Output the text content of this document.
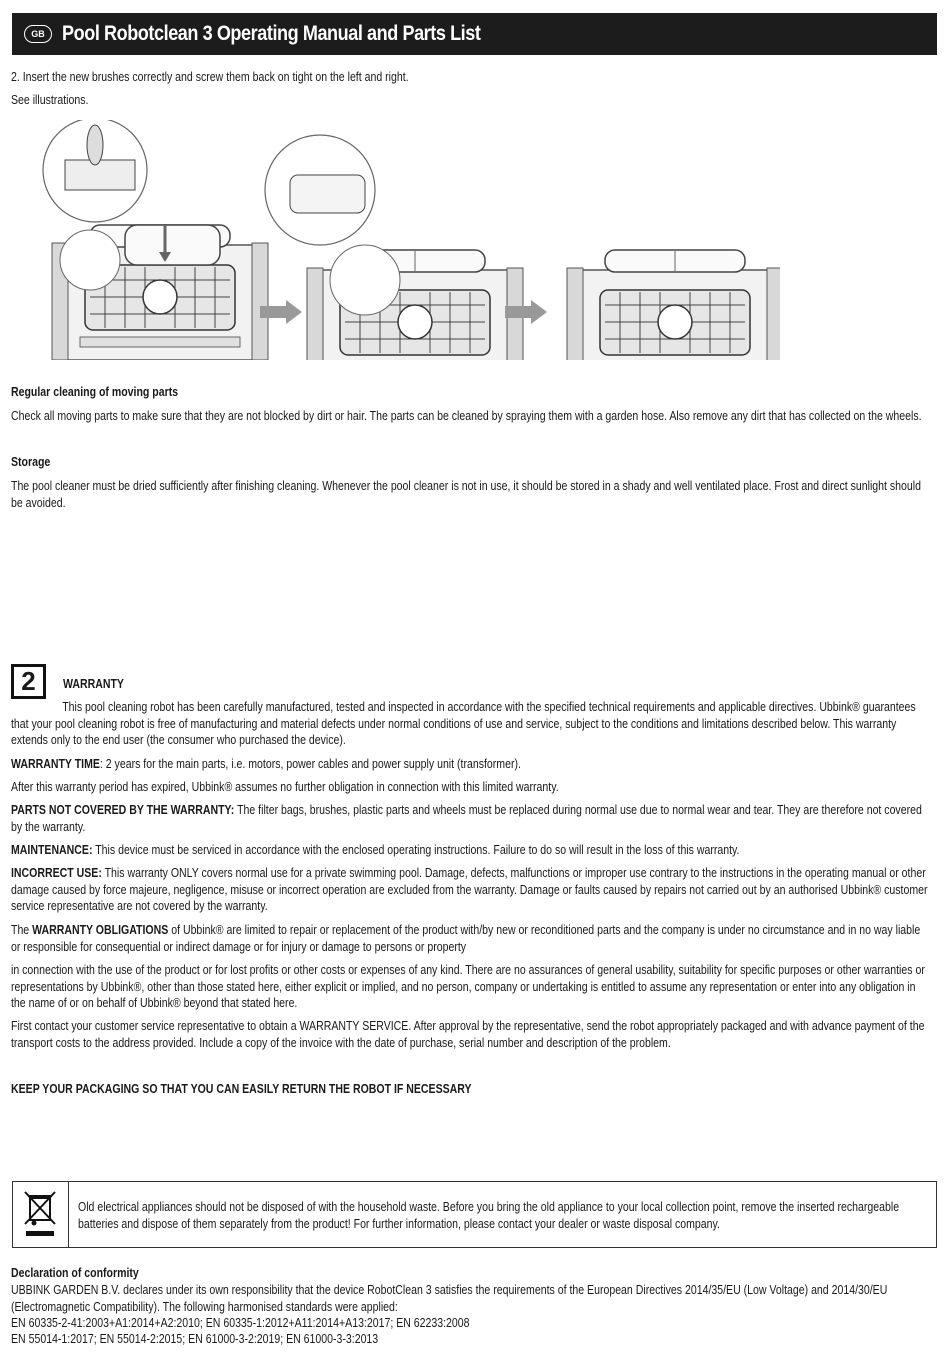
GB Pool Robotclean 3 Operating Manual and Parts List
2. Insert the new brushes correctly and screw them back on tight on the left and right.
See illustrations.
Regular cleaning of moving parts
Check all moving parts to make sure that they are not blocked by dirt or hair. The parts can be cleaned by spraying them with a garden hose. Also remove any dirt that has collected on the wheels.
Storage
The pool cleaner must be dried sufficiently after finishing cleaning. Whenever the pool cleaner is not in use, it should be stored in a shady and well ventilated place. Frost and direct sunlight should be avoided.
2	WARRANTY
This pool cleaning robot has been carefully manufactured, tested and inspected in accordance with the specified technical requirements and applicable directives. Ubbink® guarantees that your pool cleaning robot is free of manufacturing and material defects under normal conditions of use and service, subject to the conditions and limitations described below. This warranty extends only to the end user (the consumer who purchased the device).
WARRANTY TIME: 2 years for the main parts, i.e. motors, power cables and power supply unit (transformer).
After this warranty period has expired, Ubbink® assumes no further obligation in connection with this limited warranty.
PARTS NOT COVERED BY THE WARRANTY: The filter bags, brushes, plastic parts and wheels must be replaced during normal use due to normal wear and tear. They are therefore not covered by the warranty.
MAINTENANCE: This device must be serviced in accordance with the enclosed operating instructions. Failure to do so will result in the loss of this warranty.
INCORRECT USE: This warranty ONLY covers normal use for a private swimming pool. Damage, defects, malfunctions or improper use contrary to the instructions in the operating manual or other damage caused by force majeure, negligence, misuse or incorrect operation are excluded from the warranty. Damage or faults caused by repairs not carried out by an authorised Ubbink® customer service representative are not covered by the warranty.
The WARRANTY OBLIGATIONS of Ubbink® are limited to repair or replacement of the product with/by new or reconditioned parts and the company is under no circumstance and in no way liable or responsible for consequential or indirect damage or for injury or damage to persons or property
in connection with the use of the product or for lost profits or other costs or expenses of any kind. There are no assurances of general usability, suitability for specific purposes or other warranties or representations by Ubbink®, other than those stated here, either explicit or implied, and no person, company or undertaking is entitled to assume any representation or enter into any obligation in the name of or on behalf of Ubbink® beyond that stated here.
First contact your customer service representative to obtain a WARRANTY SERVICE. After approval by the representative, send the robot appropriately packaged and with advance payment of the transport costs to the address provided. Include a copy of the invoice with the date of purchase, serial number and description of the problem.
KEEP YOUR PACKAGING SO THAT YOU CAN EASILY RETURN THE ROBOT IF NECESSARY
Old electrical appliances should not be disposed of with the household waste. Before you bring the old appliance to your local collection point, remove the inserted rechargeable batteries and dispose of them separately from the product! For further information, please contact your dealer or waste disposal company.
Declaration of conformity
UBBINK GARDEN B.V. declares under its own responsibility that the device RobotClean 3 satisfies the requirements of the European Directives 2014/35/EU (Low Voltage) and 2014/30/EU (Electromagnetic Compatibility). The following harmonised standards were applied:
EN 60335-2-41:2003+A1:2014+A2:2010; EN 60335-1:2012+A11:2014+A13:2017; EN 62233:2008
EN 55014-1:2017; EN 55014-2:2015; EN 61000-3-2:2019; EN 61000-3-3:2013
